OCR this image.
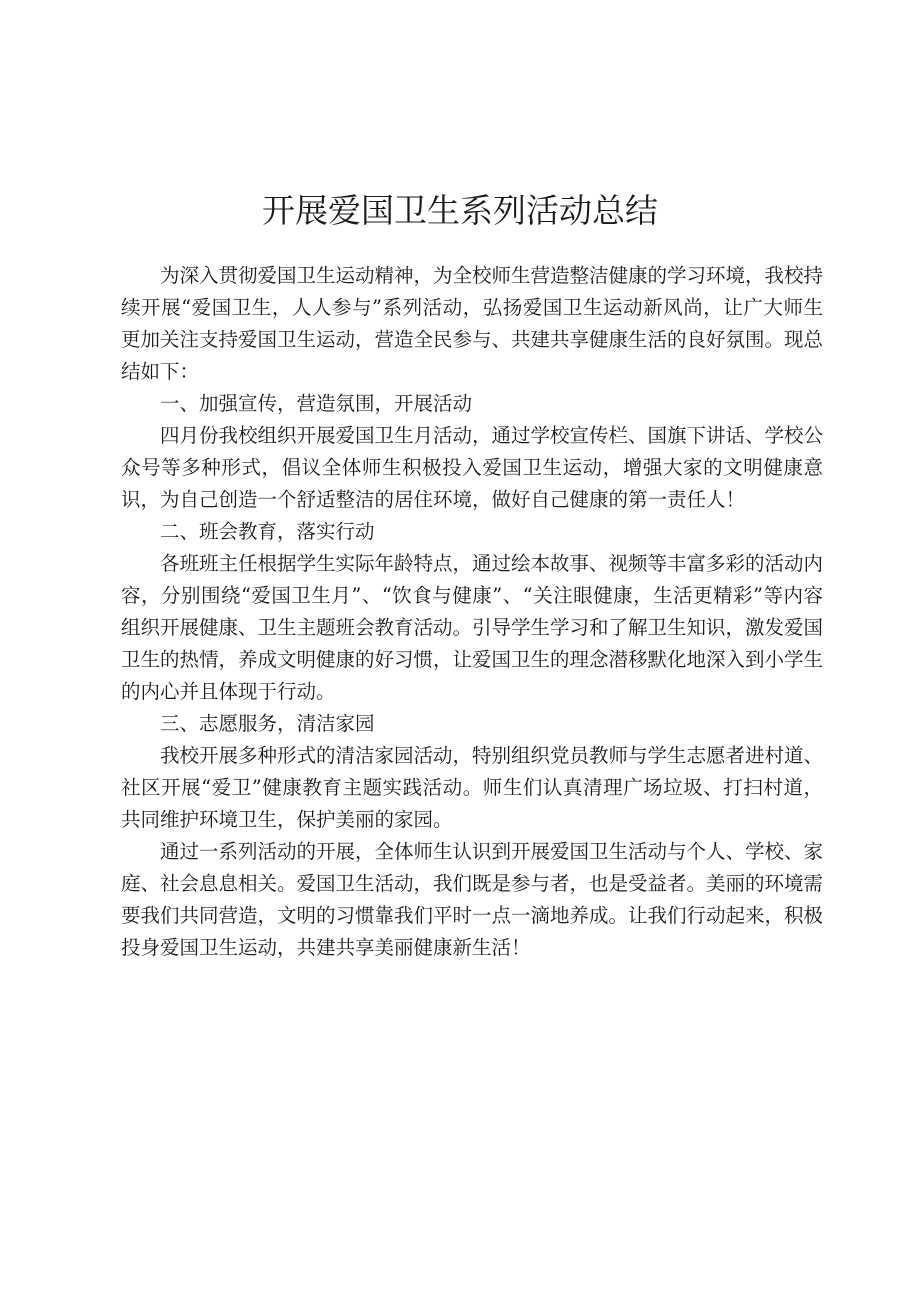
开展爱国卫生系列活动总结

为深入贯彻爱国卫生运动精神，为全校师生营造整洁健康的学习环境，我校持续开展“爱国卫生，人人参与”系列活动，弘扬爱国卫生运动新风尚，让广大师生更加关注支持爱国卫生运动，营造全民参与、共建共享健康生活的良好氛围。现总结如下：

一、加强宣传，营造氛围，开展活动

四月份我校组织开展爱国卫生月活动，通过学校宣传栏、国旗下讲话、学校公众号等多种形式，倡议全体师生积极投入爱国卫生运动，增强大家的文明健康意识，为自己创造一个舒适整洁的居住环境，做好自己健康的第一责任人！

二、班会教育，落实行动

各班班主任根据学生实际年龄特点，通过绘本故事、视频等丰富多彩的活动内容，分别围绕“爱国卫生月”、“饮食与健康”、“关注眼健康，生活更精彩”等内容组织开展健康、卫生主题班会教育活动。引导学生学习和了解卫生知识，激发爱国卫生的热情，养成文明健康的好习惯，让爱国卫生的理念潜移默化地深入到小学生的内心并且体现于行动。

三、志愿服务，清洁家园

我校开展多种形式的清洁家园活动，特别组织党员教师与学生志愿者进村道、社区开展“爱卫”健康教育主题实践活动。师生们认真清理广场垃圾、打扫村道，共同维护环境卫生，保护美丽的家园。

通过一系列活动的开展，全体师生认识到开展爱国卫生活动与个人、学校、家庭、社会息息相关。爱国卫生活动，我们既是参与者，也是受益者。美丽的环境需要我们共同营造，文明的习惯靠我们平时一点一滴地养成。让我们行动起来，积极投身爱国卫生运动，共建共享美丽健康新生活！
